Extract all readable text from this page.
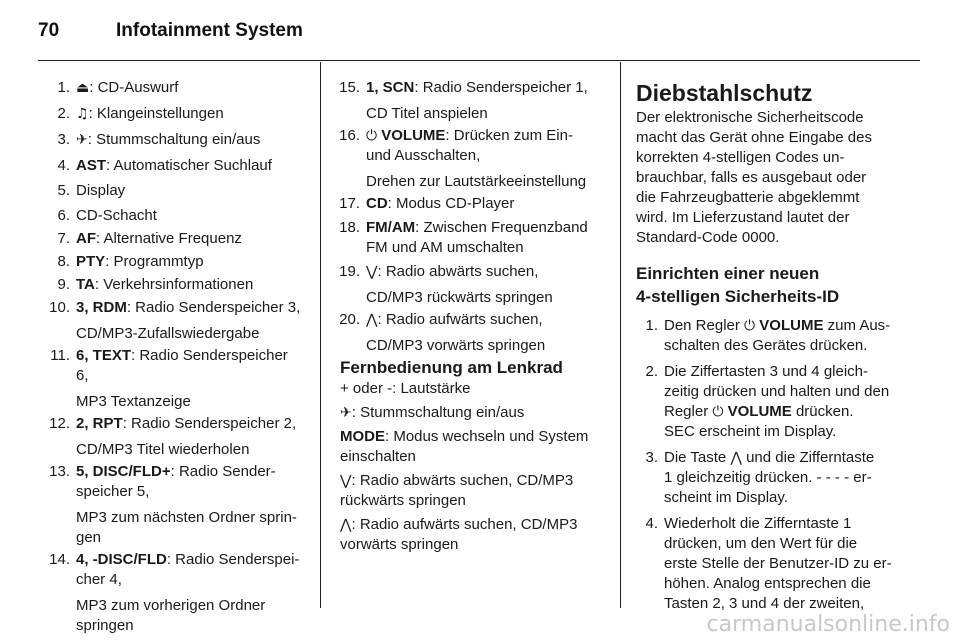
70	Infotainment System
1. ⏏: CD-Auswurf
2. ♫: Klangeinstellungen
3. ✈: Stummschaltung ein/aus
4. AST: Automatischer Suchlauf
5. Display
6. CD-Schacht
7. AF: Alternative Frequenz
8. PTY: Programmtyp
9. TA: Verkehrsinformationen
10. 3, RDM: Radio Senderspeicher 3,
CD/MP3-Zufallswiedergabe
11. 6, TEXT: Radio Senderspeicher
6,
MP3 Textanzeige
12. 2, RPT: Radio Senderspeicher 2,
CD/MP3 Titel wiederholen
13. 5, DISC/FLD+: Radio Sender-
speicher 5,
MP3 zum nächsten Ordner sprin-
gen
14. 4, -DISC/FLD: Radio Senderspei-
cher 4,
MP3 zum vorherigen Ordner
springen
15. 1, SCN: Radio Senderspeicher 1,
CD Titel anspielen
16. ⏻ VOLUME: Drücken zum Ein-
und Ausschalten,
Drehen zur Lautstärkeeinstellung
17. CD: Modus CD-Player
18. FM/AM: Zwischen Frequenzband
FM und AM umschalten
19. ⋁: Radio abwärts suchen,
CD/MP3 rückwärts springen
20. ⋀: Radio aufwärts suchen,
CD/MP3 vorwärts springen
Fernbedienung am Lenkrad
+ oder -: Lautstärke
✈: Stummschaltung ein/aus
MODE: Modus wechseln und System
einschalten
⋁: Radio abwärts suchen, CD/MP3
rückwärts springen
⋀: Radio aufwärts suchen, CD/MP3
vorwärts springen
Diebstahlschutz
Der elektronische Sicherheitscode
macht das Gerät ohne Eingabe des
korrekten 4-stelligen Codes un-
brauchbar, falls es ausgebaut oder
die Fahrzeugbatterie abgeklemmt
wird. Im Lieferzustand lautet der
Standard-Code 0000.
Einrichten einer neuen
4-stelligen Sicherheits-ID
1. Den Regler ⏻ VOLUME zum Aus-
schalten des Gerätes drücken.
2. Die Ziffertasten 3 und 4 gleich-
zeitig drücken und halten und den
Regler ⏻ VOLUME drücken.
SEC erscheint im Display.
3. Die Taste ⋀ und die Zifferntaste
1 gleichzeitig drücken. - - - - er-
scheint im Display.
4. Wiederholt die Zifferntaste 1
drücken, um den Wert für die
erste Stelle der Benutzer-ID zu er-
höhen. Analog entsprechen die
Tasten 2, 3 und 4 der zweiten,
carmanualsonline.info
